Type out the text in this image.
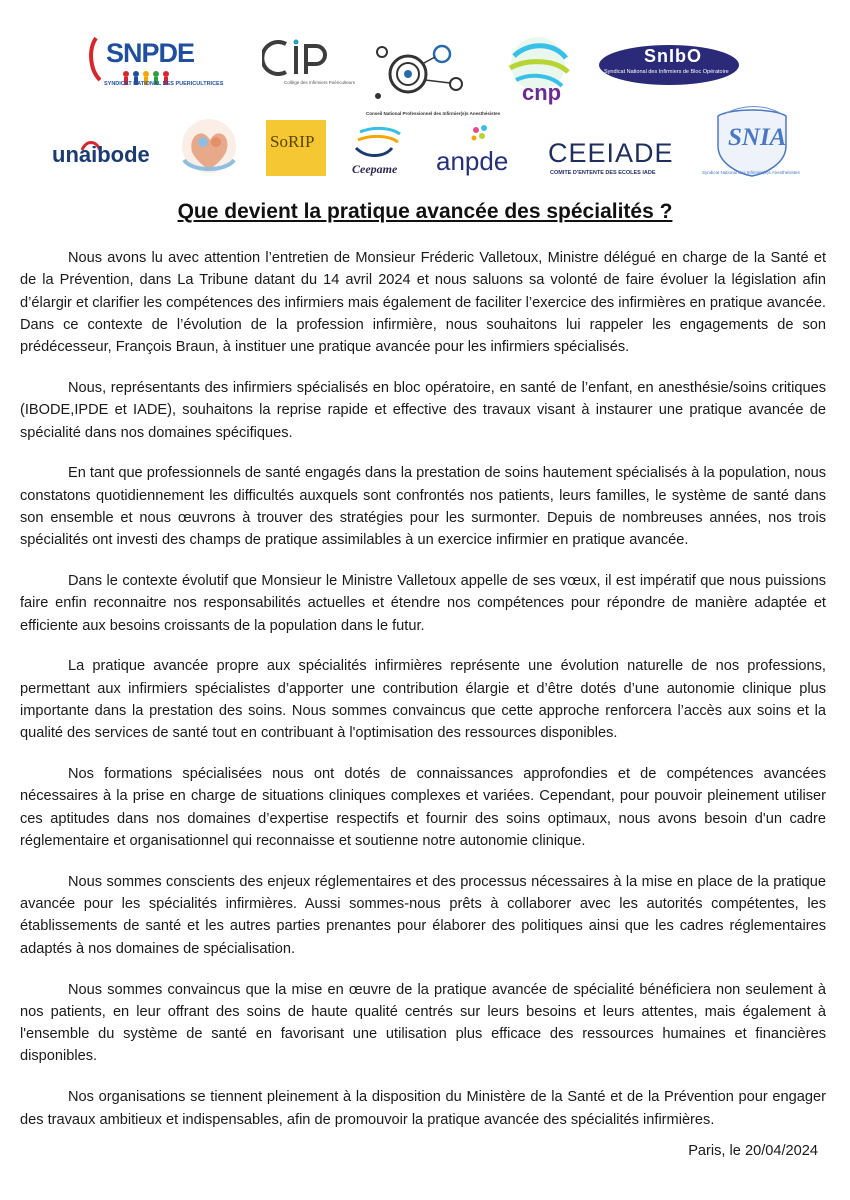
SNPDE
SYNDICAT NATIONAL DES PUERICULTRICES	Collège des Infirmiers Puériculteurs
Conseil National Professionnel des Infirmier(e)s Anesthésistes
cnp
SnIbO
Syndicat National des Infirmiers de Bloc Opératoire
unaibode
SoRIP
Ceepame anpde CEEIADE
COMITE D'ENTENTE DES ECOLES IADE
SNIA
Syndicat National des Infirmier(e)s Anesthésistes
Que devient la pratique avancée des spécialités ?

Nous avons lu avec attention l’entretien de Monsieur Fréderic Valletoux, Ministre délégué en charge de la Santé et de la Prévention, dans La Tribune datant du 14 avril 2024 et nous saluons sa volonté de faire évoluer la législation afin d’élargir et clarifier les compétences des infirmiers mais également de faciliter l’exercice des infirmières en pratique avancée. Dans ce contexte de l’évolution de la profession infirmière, nous souhaitons lui rappeler les engagements de son prédécesseur, François Braun, à instituer une pratique avancée pour les infirmiers spécialisés.

Nous, représentants des infirmiers spécialisés en bloc opératoire, en santé de l’enfant, en anesthésie/soins critiques (IBODE,IPDE et IADE), souhaitons la reprise rapide et effective des travaux visant à instaurer une pratique avancée de spécialité dans nos domaines spécifiques.

En tant que professionnels de santé engagés dans la prestation de soins hautement spécialisés à la population, nous constatons quotidiennement les difficultés auxquels sont confrontés nos patients, leurs familles, le système de santé dans son ensemble et nous œuvrons à trouver des stratégies pour les surmonter. Depuis de nombreuses années, nos trois spécialités ont investi des champs de pratique assimilables à un exercice infirmier en pratique avancée.

Dans le contexte évolutif que Monsieur le Ministre Valletoux appelle de ses vœux, il est impératif que nous puissions faire enfin reconnaitre nos responsabilités actuelles et étendre nos compétences pour répondre de manière adaptée et efficiente aux besoins croissants de la population dans le futur.

La pratique avancée propre aux spécialités infirmières représente une évolution naturelle de nos professions, permettant aux infirmiers spécialistes d’apporter une contribution élargie et d’être dotés d’une autonomie clinique plus importante dans la prestation des soins. Nous sommes convaincus que cette approche renforcera l’accès aux soins et la qualité des services de santé tout en contribuant à l'optimisation des ressources disponibles.

Nos formations spécialisées nous ont dotés de connaissances approfondies et de compétences avancées nécessaires à la prise en charge de situations cliniques complexes et variées. Cependant, pour pouvoir pleinement utiliser ces aptitudes dans nos domaines d’expertise respectifs et fournir des soins optimaux, nous avons besoin d'un cadre réglementaire et organisationnel qui reconnaisse et soutienne notre autonomie clinique.

Nous sommes conscients des enjeux réglementaires et des processus nécessaires à la mise en place de la pratique avancée pour les spécialités infirmières. Aussi sommes-nous prêts à collaborer avec les autorités compétentes, les établissements de santé et les autres parties prenantes pour élaborer des politiques ainsi que les cadres réglementaires adaptés à nos domaines de spécialisation.

Nous sommes convaincus que la mise en œuvre de la pratique avancée de spécialité bénéficiera non seulement à nos patients, en leur offrant des soins de haute qualité centrés sur leurs besoins et leurs attentes, mais également à l'ensemble du système de santé en favorisant une utilisation plus efficace des ressources humaines et financières disponibles.

Nos organisations se tiennent pleinement à la disposition du Ministère de la Santé et de la Prévention pour engager des travaux ambitieux et indispensables, afin de promouvoir la pratique avancée des spécialités infirmières.

Paris, le 20/04/2024
